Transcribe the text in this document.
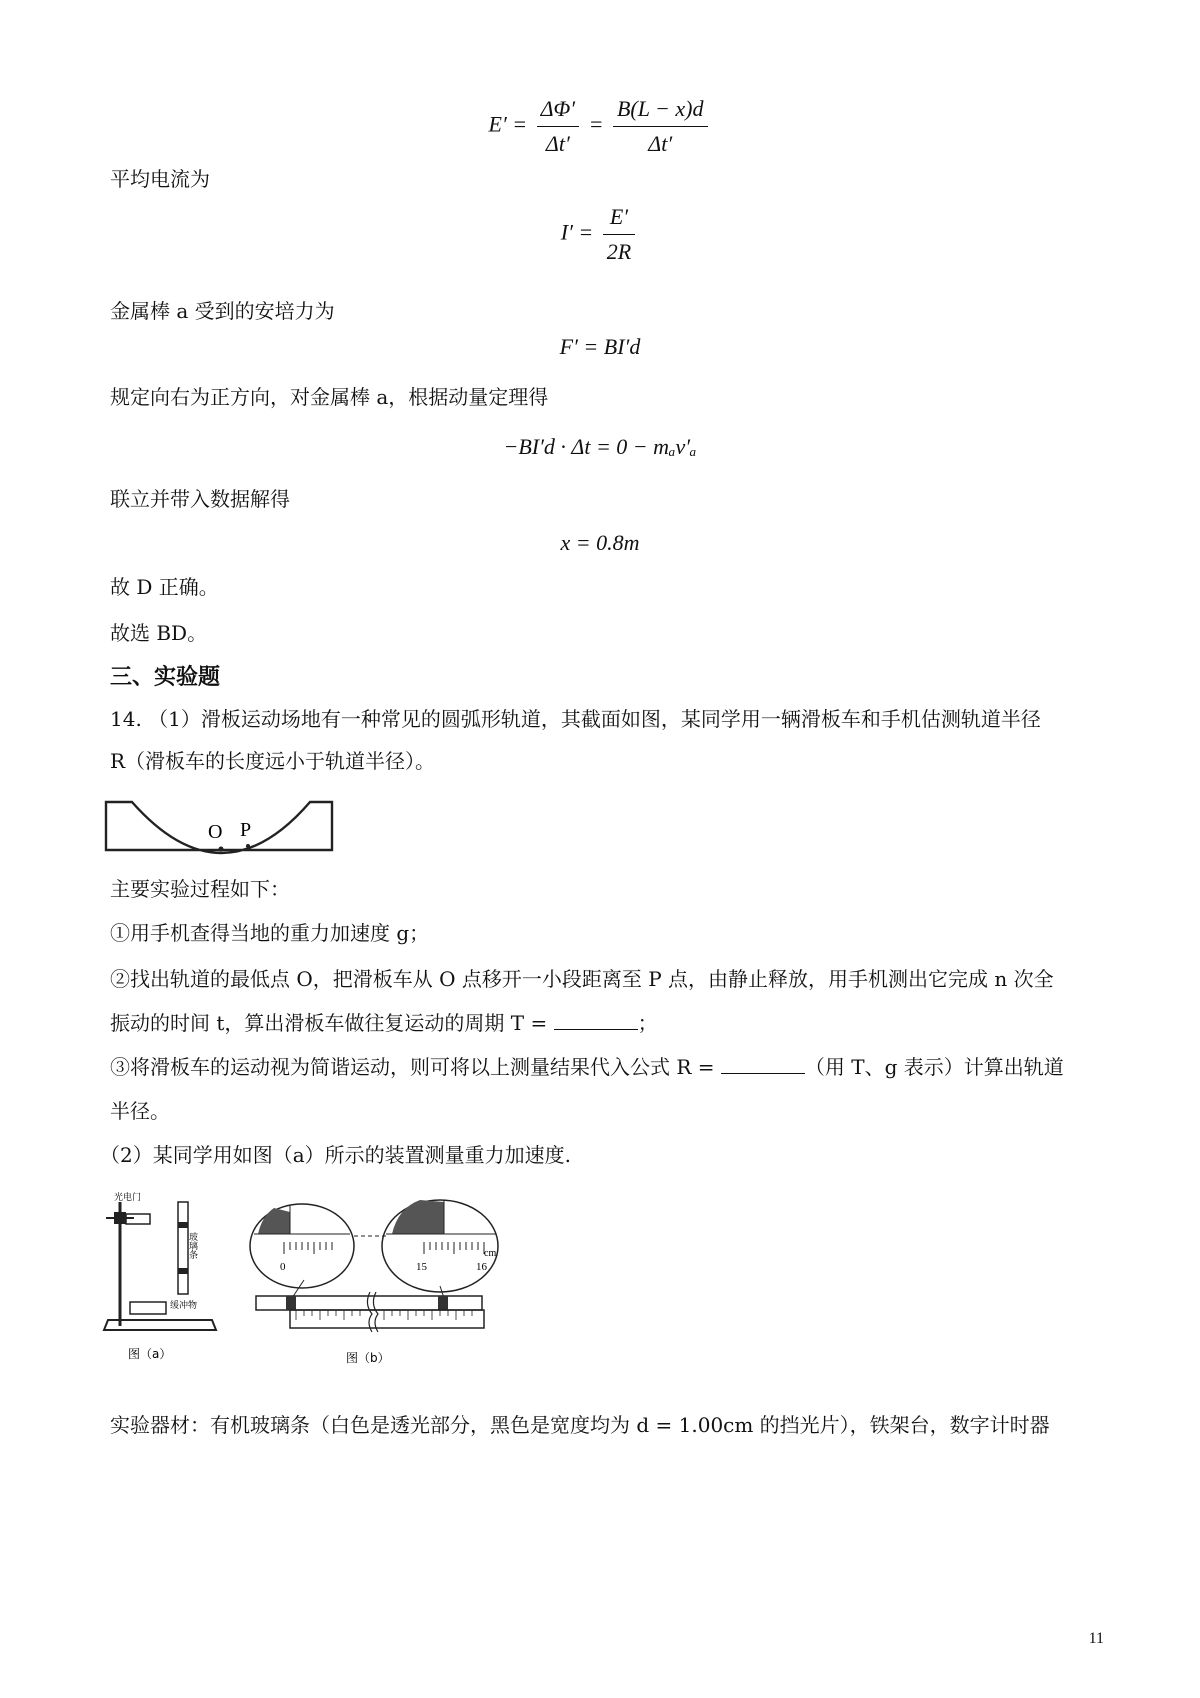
$E' = \frac{\Delta\Phi'}{\Delta t'} = \frac{B(L - x)d}{\Delta t'}$
平均电流为
$I' = \frac{E'}{2R}$
金属棒 a 受到的安培力为
F′ = BI′d
规定向右为正方向，对金属棒 a，根据动量定理得
−BI′d · Δt = 0 − mₐv′ₐ
联立并带入数据解得
x = 0.8m
故 D 正确。
故选 BD。
三、实验题
14. （1）滑板运动场地有一种常见的圆弧形轨道，其截面如图，某同学用一辆滑板车和手机估测轨道半径
R（滑板车的长度远小于轨道半径）。
O P
主要实验过程如下：
①用手机查得当地的重力加速度 g；
②找出轨道的最低点 O，把滑板车从 O 点移开一小段距离至 P 点，由静止释放，用手机测出它完成 n 次全
振动的时间 t，算出滑板车做往复运动的周期 T =	；
③将滑板车的运动视为简谐运动，则可将以上测量结果代入公式 R =	（用 T、g 表示）计算出轨道
半径。
（2）某同学用如图（a）所示的装置测量重力加速度.
光电门
玻璃条
缓冲物
图（a）
0	15	16
cm
图（b）
实验器材：有机玻璃条（白色是透光部分，黑色是宽度均为 d = 1.00cm 的挡光片），铁架台，数字计时器
11
